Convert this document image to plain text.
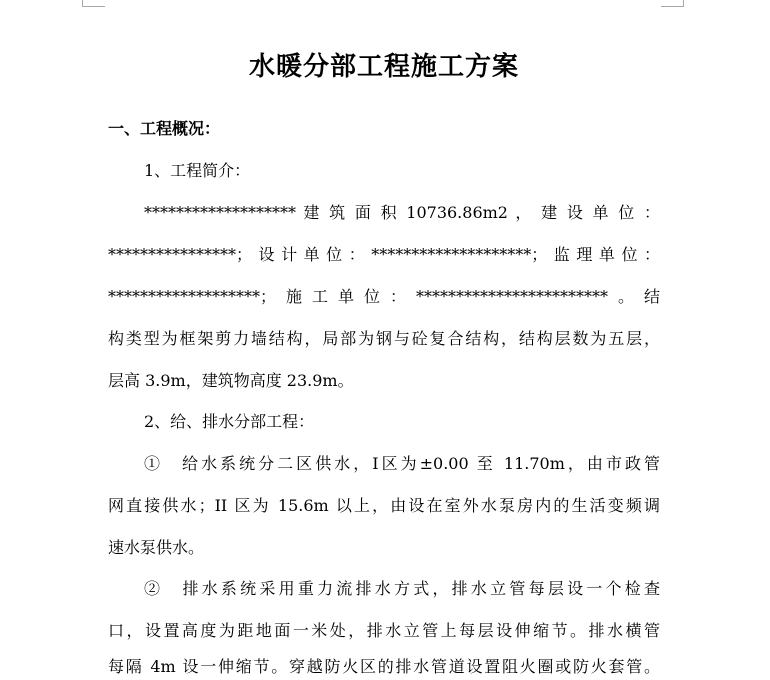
水暖分部工程施工方案
一、工程概况：
1、工程简介：
******************* 建 筑 面 积 10736.86m2 ， 建 设 单 位 ：
****************；设计单位：********************；监理单位：
*******************；施工单位：************************。结
构类型为框架剪力墙结构，局部为钢与砼复合结构，结构层数为五层，
层高 3.9m，建筑物高度 23.9m。
2、给、排水分部工程：
①　给水系统分二区供水，Ⅰ区为±0.00 至 11.70m，由市政管
网直接供水；II 区为 15.6m 以上，由设在室外水泵房内的生活变频调
速水泵供水。
②　排水系统采用重力流排水方式，排水立管每层设一个检查
口，设置高度为距地面一米处，排水立管上每层设伸缩节。排水横管
每隔 4m 设一伸缩节。穿越防火区的排水管道设置阻火圈或防火套管。
